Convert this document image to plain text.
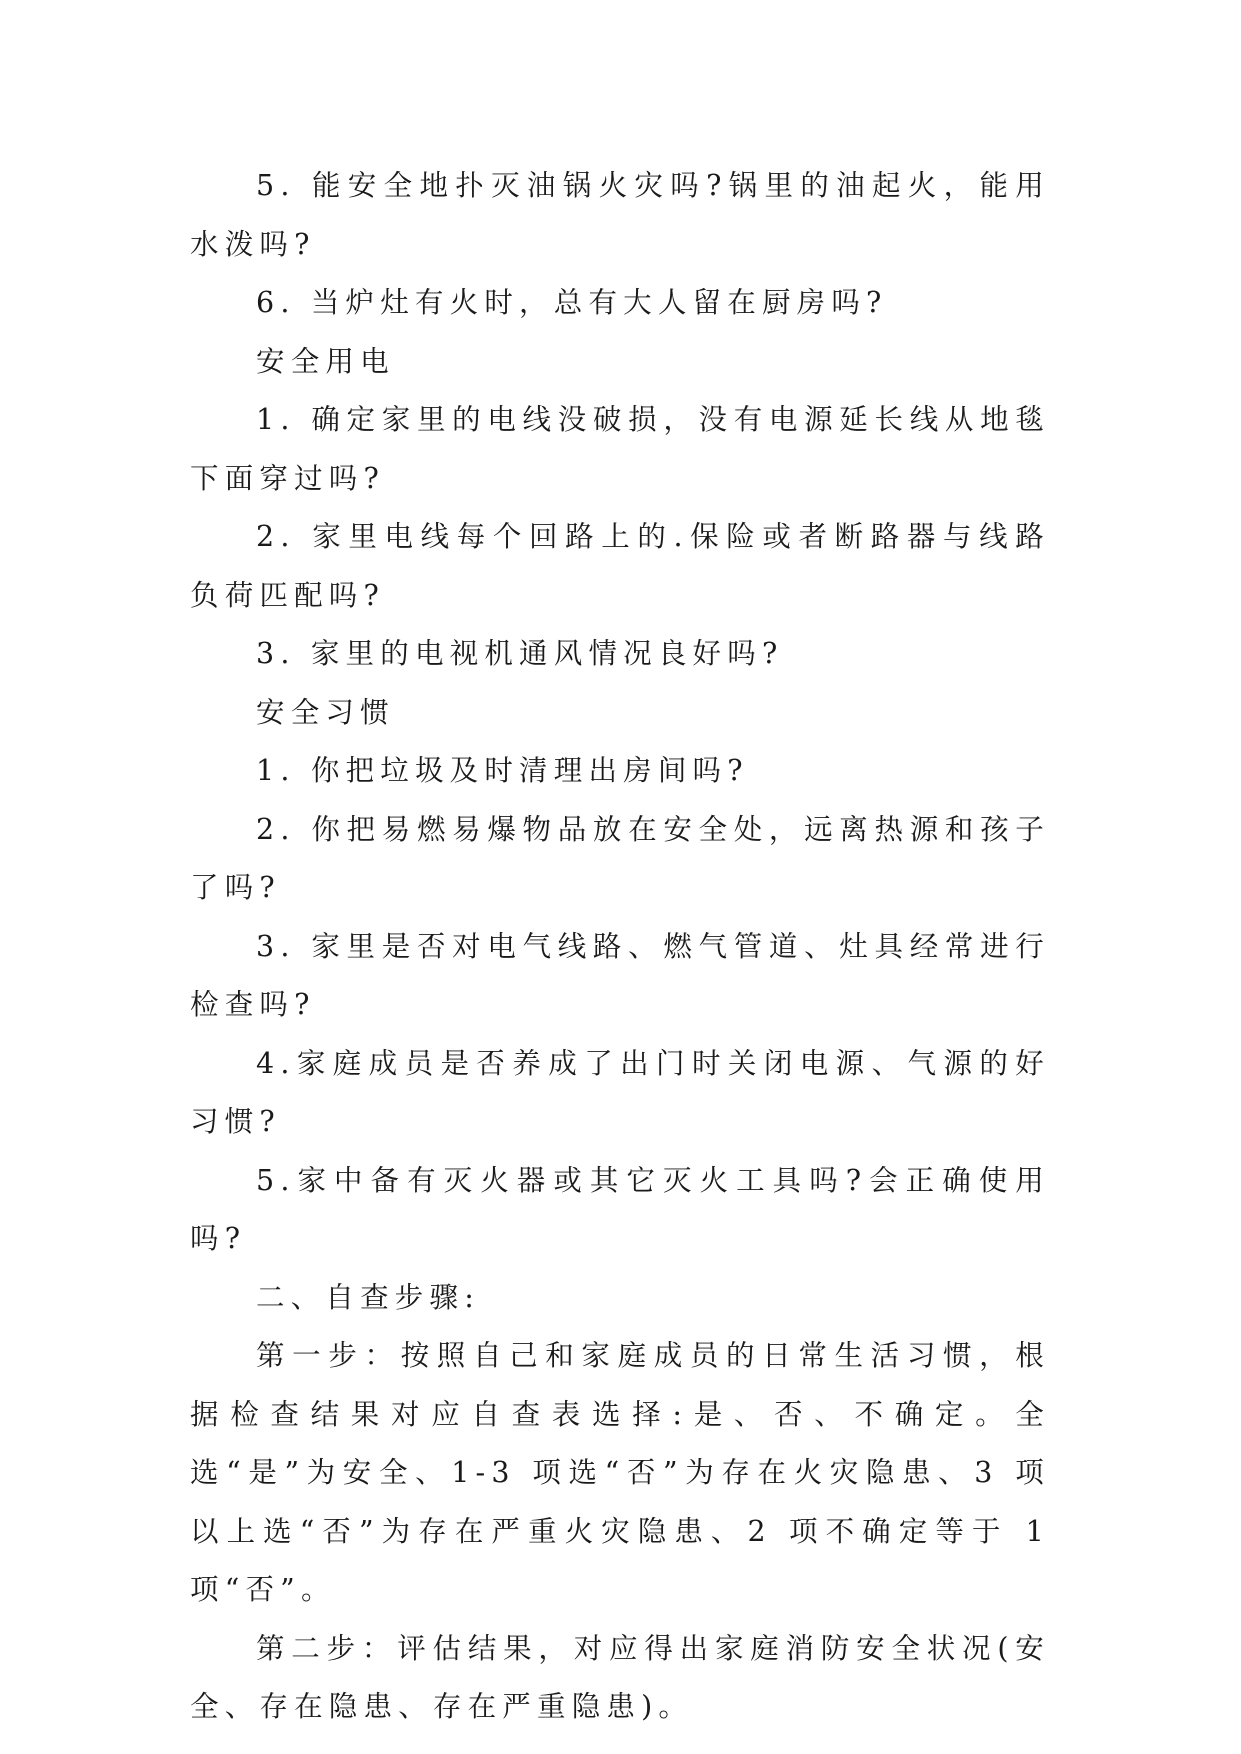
5. 能安全地扑灭油锅火灾吗?锅里的油起火，能用水泼吗?

6. 当炉灶有火时，总有大人留在厨房吗?

安全用电

1. 确定家里的电线没破损，没有电源延长线从地毯下面穿过吗?

2. 家里电线每个回路上的.保险或者断路器与线路负荷匹配吗?

3. 家里的电视机通风情况良好吗?

安全习惯

1. 你把垃圾及时清理出房间吗?

2. 你把易燃易爆物品放在安全处，远离热源和孩子了吗?

3. 家里是否对电气线路、燃气管道、灶具经常进行检查吗?

4.家庭成员是否养成了出门时关闭电源、气源的好习惯?

5.家中备有灭火器或其它灭火工具吗?会正确使用吗?

二、自查步骤:

第一步：按照自己和家庭成员的日常生活习惯，根据检查结果对应自查表选择:是、否、不确定。全选“是”为安全、1-3 项选“否”为存在火灾隐患、3 项以上选“否”为存在严重火灾隐患、2 项不确定等于 1 项“否”。

第二步：评估结果，对应得出家庭消防安全状况(安全、存在隐患、存在严重隐患)。
